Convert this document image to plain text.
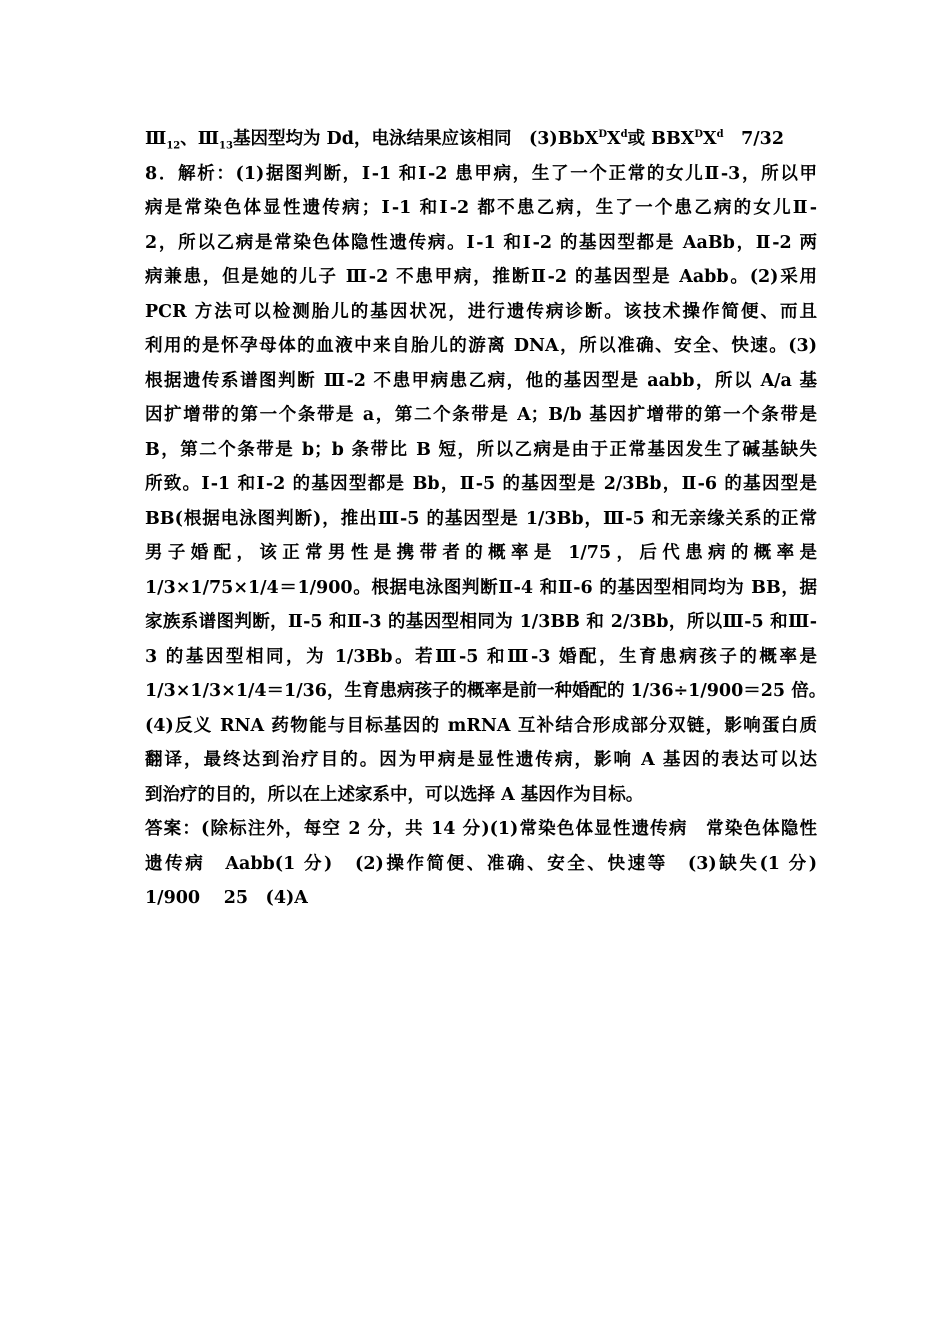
$Ⅲ_{12}$、$Ⅲ_{13}$基因型均为 Dd，电泳结果应该相同　$(3)BbX^DX^d$或 $BBX^DX^d$　7/32
8．解析：(1)据图判断，Ⅰ-1 和Ⅰ-2 患甲病，生了一个正常的女儿Ⅱ-3，所以甲
病是常染色体显性遗传病；Ⅰ-1 和Ⅰ-2 都不患乙病，生了一个患乙病的女儿Ⅱ-
2，所以乙病是常染色体隐性遗传病。Ⅰ-1 和Ⅰ-2 的基因型都是 AaBb，Ⅱ-2 两
病兼患，但是她的儿子 Ⅲ-2 不患甲病，推断Ⅱ-2 的基因型是 Aabb。(2)采用
PCR 方法可以检测胎儿的基因状况，进行遗传病诊断。该技术操作简便、而且
利用的是怀孕母体的血液中来自胎儿的游离 DNA，所以准确、安全、快速。(3)
根据遗传系谱图判断 Ⅲ-2 不患甲病患乙病，他的基因型是 aabb，所以 A/a 基
因扩增带的第一个条带是 a，第二个条带是 A；B/b 基因扩增带的第一个条带是
B，第二个条带是 b；b 条带比 B 短，所以乙病是由于正常基因发生了碱基缺失
所致。Ⅰ-1 和Ⅰ-2 的基因型都是 Bb，Ⅱ-5 的基因型是 2/3Bb，Ⅱ-6 的基因型是
BB(根据电泳图判断)，推出Ⅲ-5 的基因型是 1/3Bb，Ⅲ-5 和无亲缘关系的正常
男子婚配，该正常男性是携带者的概率是 1/75，后代患病的概率是
1/3×1/75×1/4＝1/900。根据电泳图判断Ⅱ-4 和Ⅱ-6 的基因型相同均为 BB，据
家族系谱图判断，Ⅱ-5 和Ⅱ-3 的基因型相同为 1/3BB 和 2/3Bb，所以Ⅲ-5 和Ⅲ-
3 的基因型相同，为 1/3Bb。若Ⅲ-5 和Ⅲ-3 婚配，生育患病孩子的概率是
1/3×1/3×1/4＝1/36，生育患病孩子的概率是前一种婚配的 1/36÷1/900＝25 倍。
(4)反义 RNA 药物能与目标基因的 mRNA 互补结合形成部分双链，影响蛋白质
翻译，最终达到治疗目的。因为甲病是显性遗传病，影响 A 基因的表达可以达
到治疗的目的，所以在上述家系中，可以选择 A 基因作为目标。
答案：(除标注外，每空 2 分，共 14 分)(1)常染色体显性遗传病　常染色体隐性
遗传病　Aabb(1 分)　(2)操作简便、准确、安全、快速等　(3)缺失(1 分)
1/900　 25　(4)A
